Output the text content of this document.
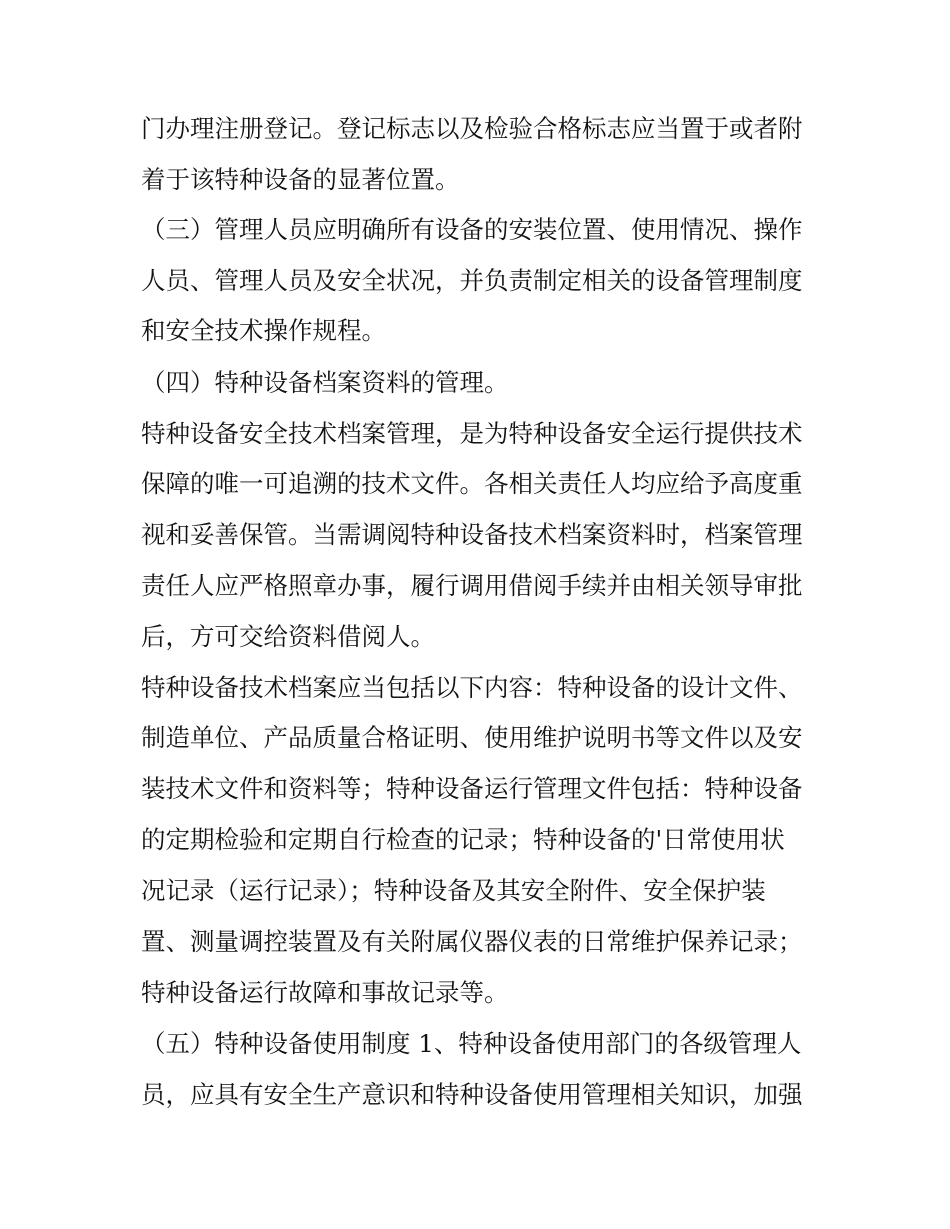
门办理注册登记。登记标志以及检验合格标志应当置于或者附
着于该特种设备的显著位置。
（三）管理人员应明确所有设备的安装位置、使用情况、操作
人员、管理人员及安全状况，并负责制定相关的设备管理制度
和安全技术操作规程。
（四）特种设备档案资料的管理。
特种设备安全技术档案管理，是为特种设备安全运行提供技术
保障的唯一可追溯的技术文件。各相关责任人均应给予高度重
视和妥善保管。当需调阅特种设备技术档案资料时，档案管理
责任人应严格照章办事，履行调用借阅手续并由相关领导审批
后，方可交给资料借阅人。
特种设备技术档案应当包括以下内容：特种设备的设计文件、
制造单位、产品质量合格证明、使用维护说明书等文件以及安
装技术文件和资料等；特种设备运行管理文件包括：特种设备
的定期检验和定期自行检查的记录；特种设备的'日常使用状
况记录（运行记录）；特种设备及其安全附件、安全保护装
置、测量调控装置及有关附属仪器仪表的日常维护保养记录；
特种设备运行故障和事故记录等。
（五）特种设备使用制度 1、特种设备使用部门的各级管理人
员，应具有安全生产意识和特种设备使用管理相关知识，加强
